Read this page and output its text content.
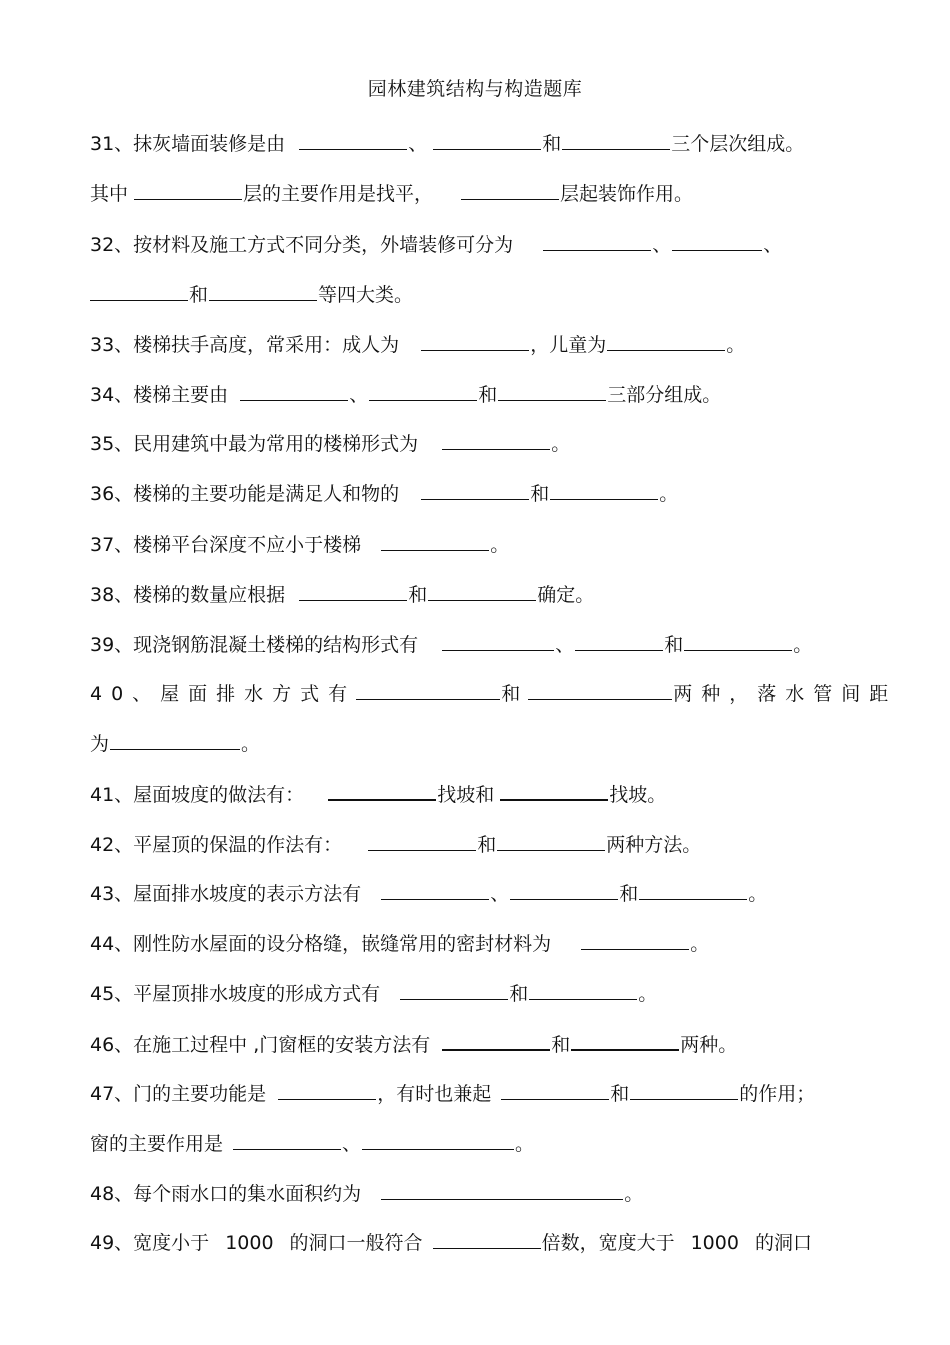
园林建筑结构与构造题库
31、抹灰墙面装修是由	、	和	三个层次组成。
其中	层的主要作用是找平，	层起装饰作用。
32、按材料及施工方式不同分类，外墙装修可分为	、	、
和	等四大类。
33、楼梯扶手高度，常采用：成人为	，儿童为	。
34、楼梯主要由	、	和	三部分组成。
35、民用建筑中最为常用的楼梯形式为	。
36、楼梯的主要功能是满足人和物的	和	。
37、楼梯平台深度不应小于楼梯	。
38、楼梯的数量应根据	和	确定。
39、现浇钢筋混凝土楼梯的结构形式有	、	和	。
40、屋面排水方式有	和	两种，落水管间距
为	。
41、屋面坡度的做法有：	找坡和	找坡。
42、平屋顶的保温的作法有：	和	两种方法。
43、屋面排水坡度的表示方法有	、	和	。
44、刚性防水屋面的设分格缝，嵌缝常用的密封材料为	。
45、平屋顶排水坡度的形成方式有	和	。
46、在施工过程中 ,门窗框的安装方法有	和	两种。
47、门的主要功能是	，有时也兼起	和	的作用；
窗的主要作用是	、	。
48、每个雨水口的集水面积约为	。
49、宽度小于 1000 的洞口一般符合	倍数，宽度大于 1000 的洞口
